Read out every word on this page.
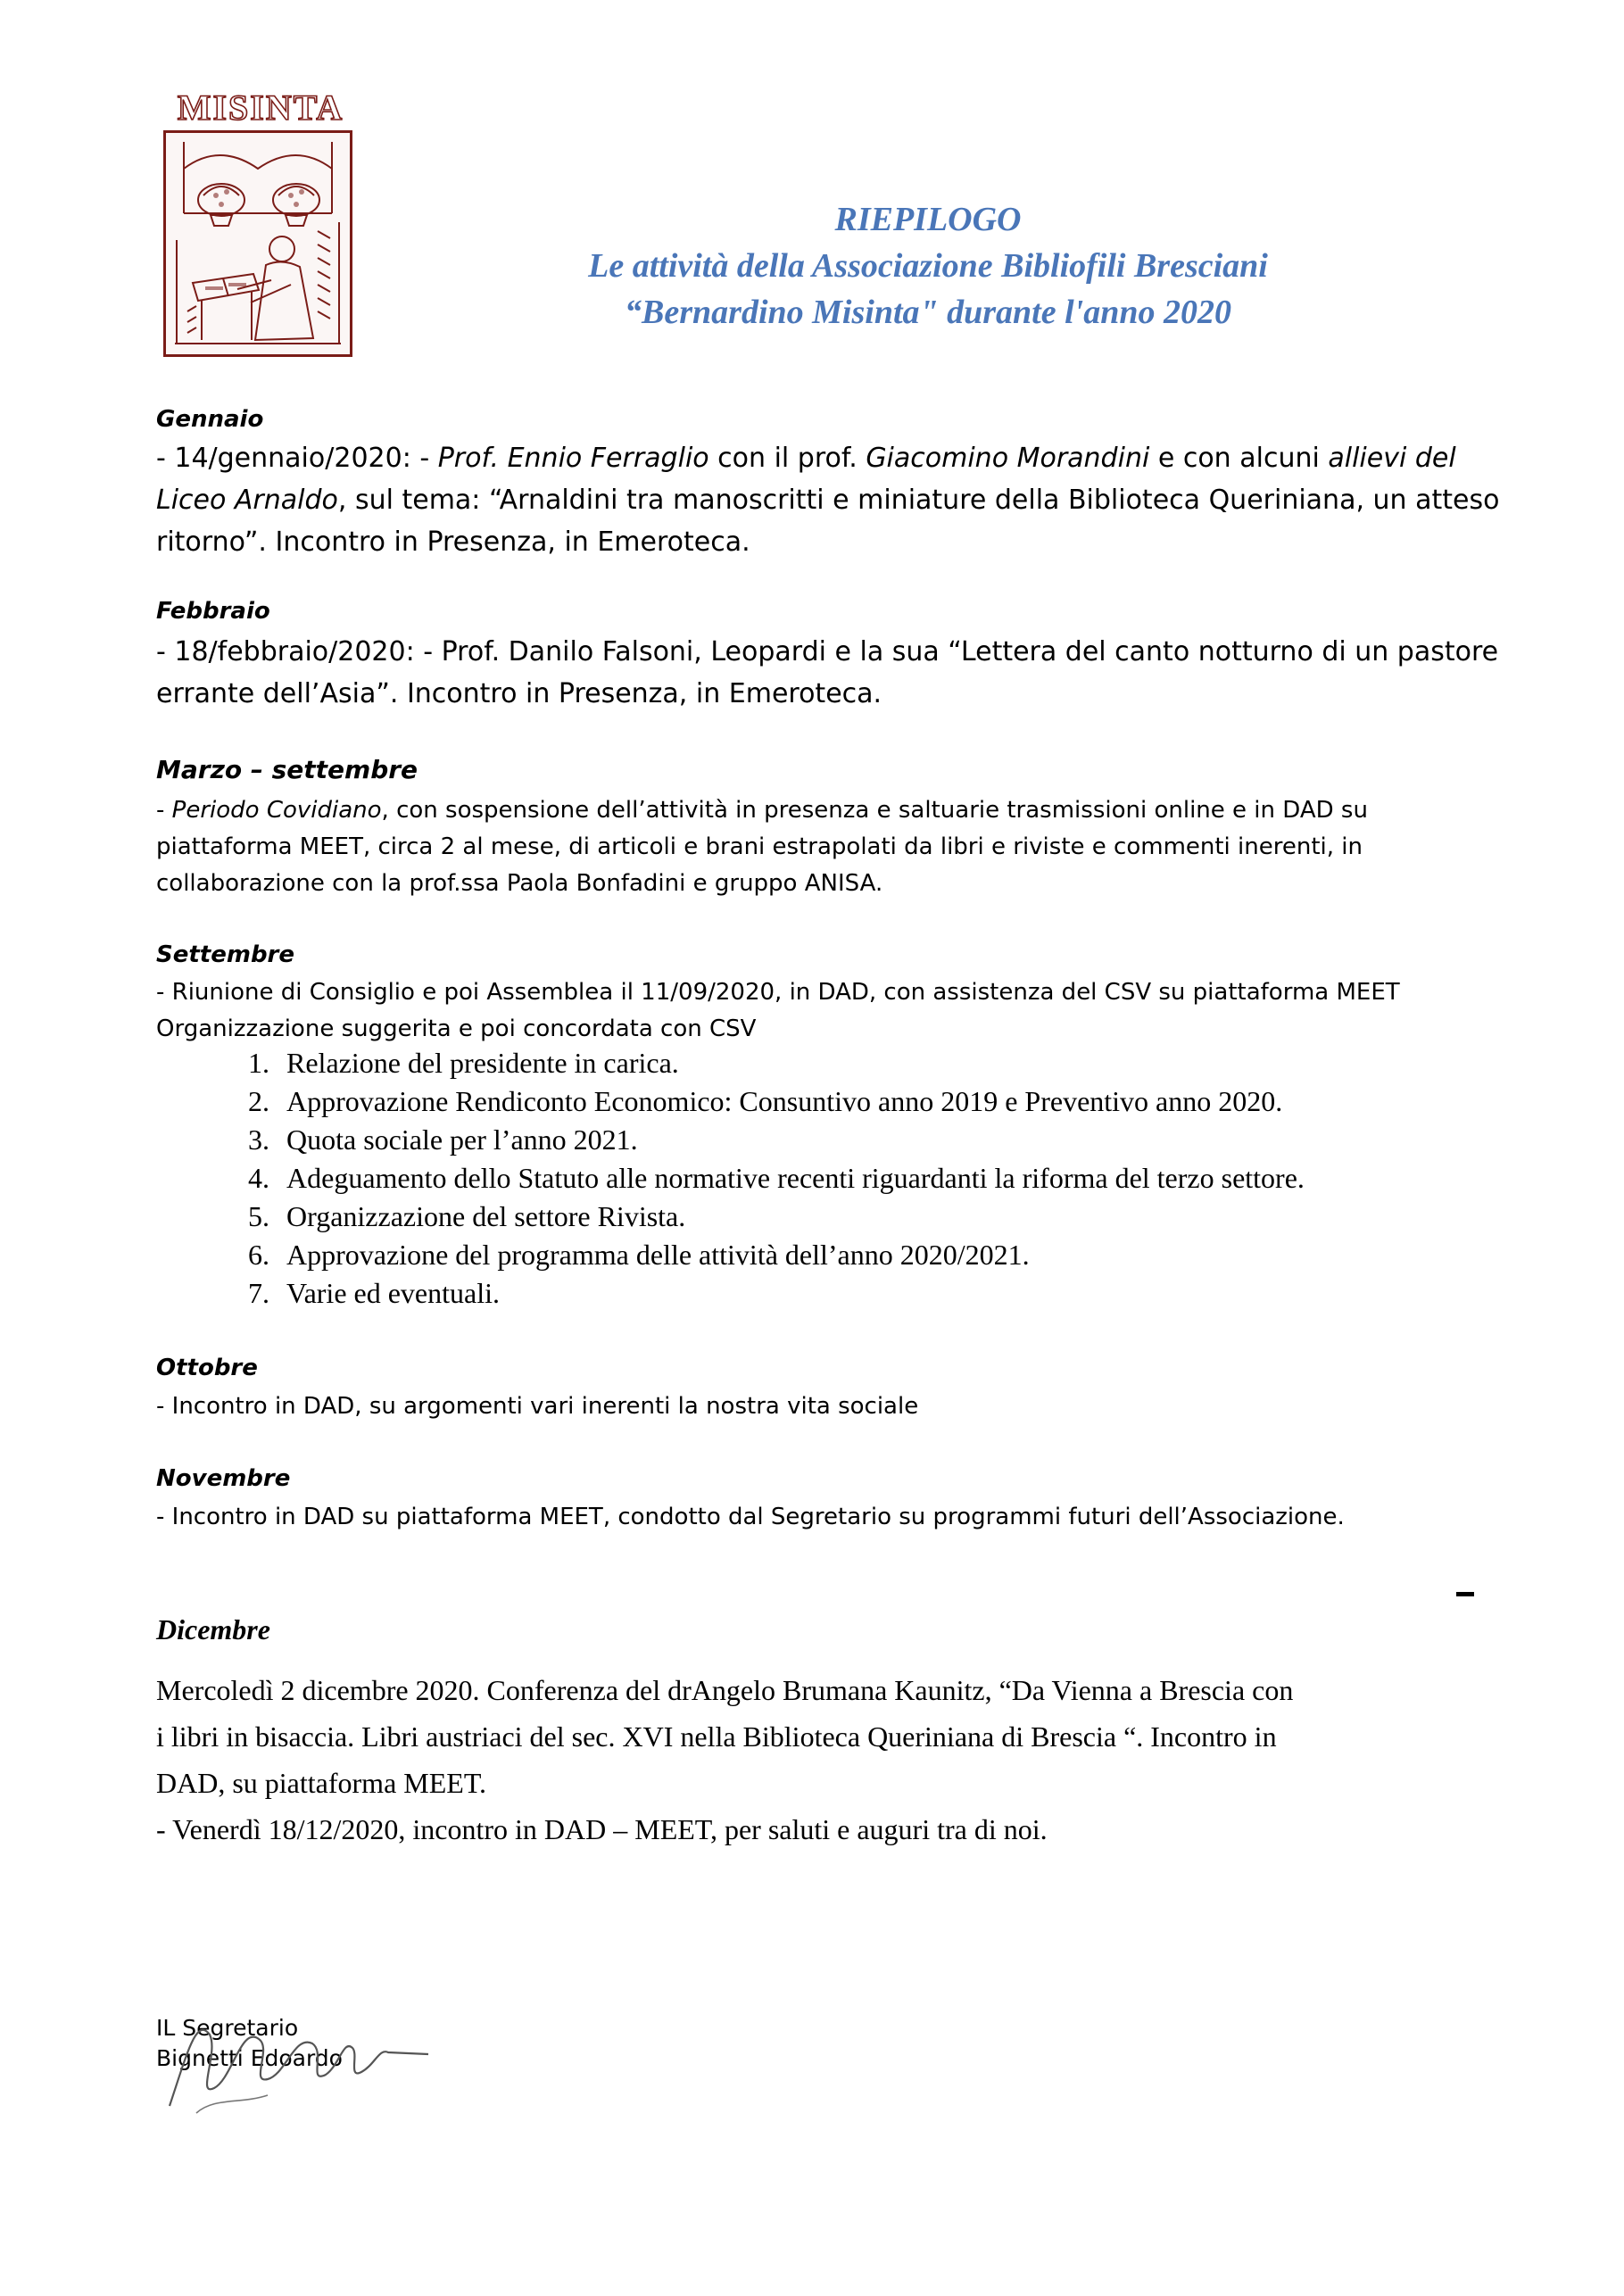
MISINTA
RIEPILOGO
Le attività della Associazione Bibliofili Bresciani
“Bernardino Misinta" durante l'anno 2020
Gennaio
- 14/gennaio/2020: - Prof. Ennio Ferraglio con il prof. Giacomino Morandini e con alcuni allievi del
Liceo Arnaldo, sul tema: “Arnaldini tra manoscritti e miniature della Biblioteca Queriniana, un atteso
ritorno”. Incontro in Presenza, in Emeroteca.
Febbraio
- 18/febbraio/2020: - Prof. Danilo Falsoni, Leopardi e la sua “Lettera del canto notturno di un pastore
errante dell’Asia”. Incontro in Presenza, in Emeroteca.
Marzo – settembre
- Periodo Covidiano, con sospensione dell’attività in presenza e saltuarie trasmissioni online e in DAD su
piattaforma MEET, circa 2 al mese, di articoli e brani estrapolati da libri e riviste e commenti inerenti, in
collaborazione con la prof.ssa Paola Bonfadini e gruppo ANISA.
Settembre
- Riunione di Consiglio e poi Assemblea il 11/09/2020, in DAD, con assistenza del CSV su piattaforma MEET
Organizzazione suggerita e poi concordata con CSV
1. Relazione del presidente in carica.
2. Approvazione Rendiconto Economico: Consuntivo anno 2019 e Preventivo anno 2020.
3. Quota sociale per l’anno 2021.
4. Adeguamento dello Statuto alle normative recenti riguardanti la riforma del terzo settore.
5. Organizzazione del settore Rivista.
6. Approvazione del programma delle attività dell’anno 2020/2021.
7. Varie ed eventuali.
Ottobre
- Incontro in DAD, su argomenti vari inerenti la nostra vita sociale
Novembre
- Incontro in DAD su piattaforma MEET, condotto dal Segretario su programmi futuri dell’Associazione.
Dicembre
Mercoledì 2 dicembre 2020. Conferenza del drAngelo Brumana Kaunitz, “Da Vienna a Brescia con
i libri in bisaccia. Libri austriaci del sec. XVI nella Biblioteca Queriniana di Brescia “. Incontro in
DAD, su piattaforma MEET.
- Venerdì 18/12/2020, incontro in DAD – MEET, per saluti e auguri tra di noi.
IL Segretario
Bignetti Edoardo
